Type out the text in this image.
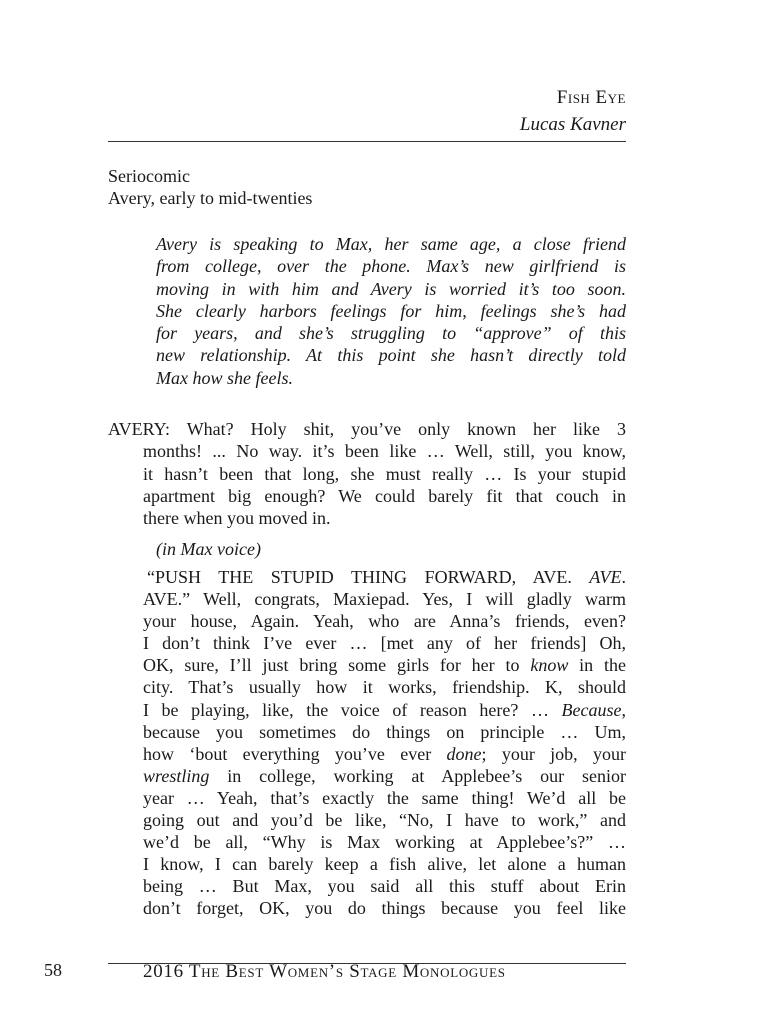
Fish Eye
Lucas Kavner
Seriocomic
Avery, early to mid-twenties
Avery is speaking to Max, her same age, a close friend
from college, over the phone. Max’s new girlfriend is
moving in with him and Avery is worried it’s too soon.
She clearly harbors feelings for him, feelings she’s had
for years, and she’s struggling to “approve” of this
new relationship. At this point she hasn’t directly told
Max how she feels.
AVERY: What? Holy shit, you’ve only known her like 3
months! ... No way. it’s been like … Well, still, you know,
it hasn’t been that long, she must really … Is your stupid
apartment big enough? We could barely fit that couch in
there when you moved in.
(in Max voice)
“PUSH THE STUPID THING FORWARD, AVE. AVE.
AVE.” Well, congrats, Maxiepad. Yes, I will gladly warm
your house, Again. Yeah, who are Anna’s friends, even?
I don’t think I’ve ever … [met any of her friends] Oh,
OK, sure, I’ll just bring some girls for her to know in the
city. That’s usually how it works, friendship. K, should
I be playing, like, the voice of reason here? … Because,
because you sometimes do things on principle … Um,
how ‘bout everything you’ve ever done; your job, your
wrestling in college, working at Applebee’s our senior
year … Yeah, that’s exactly the same thing! We’d all be
going out and you’d be like, “No, I have to work,” and
we’d be all, “Why is Max working at Applebee’s?” …
I know, I can barely keep a fish alive, let alone a human
being … But Max, you said all this stuff about Erin
don’t forget, OK, you do things because you feel like
58	2016 The Best Women’s Stage Monologues
